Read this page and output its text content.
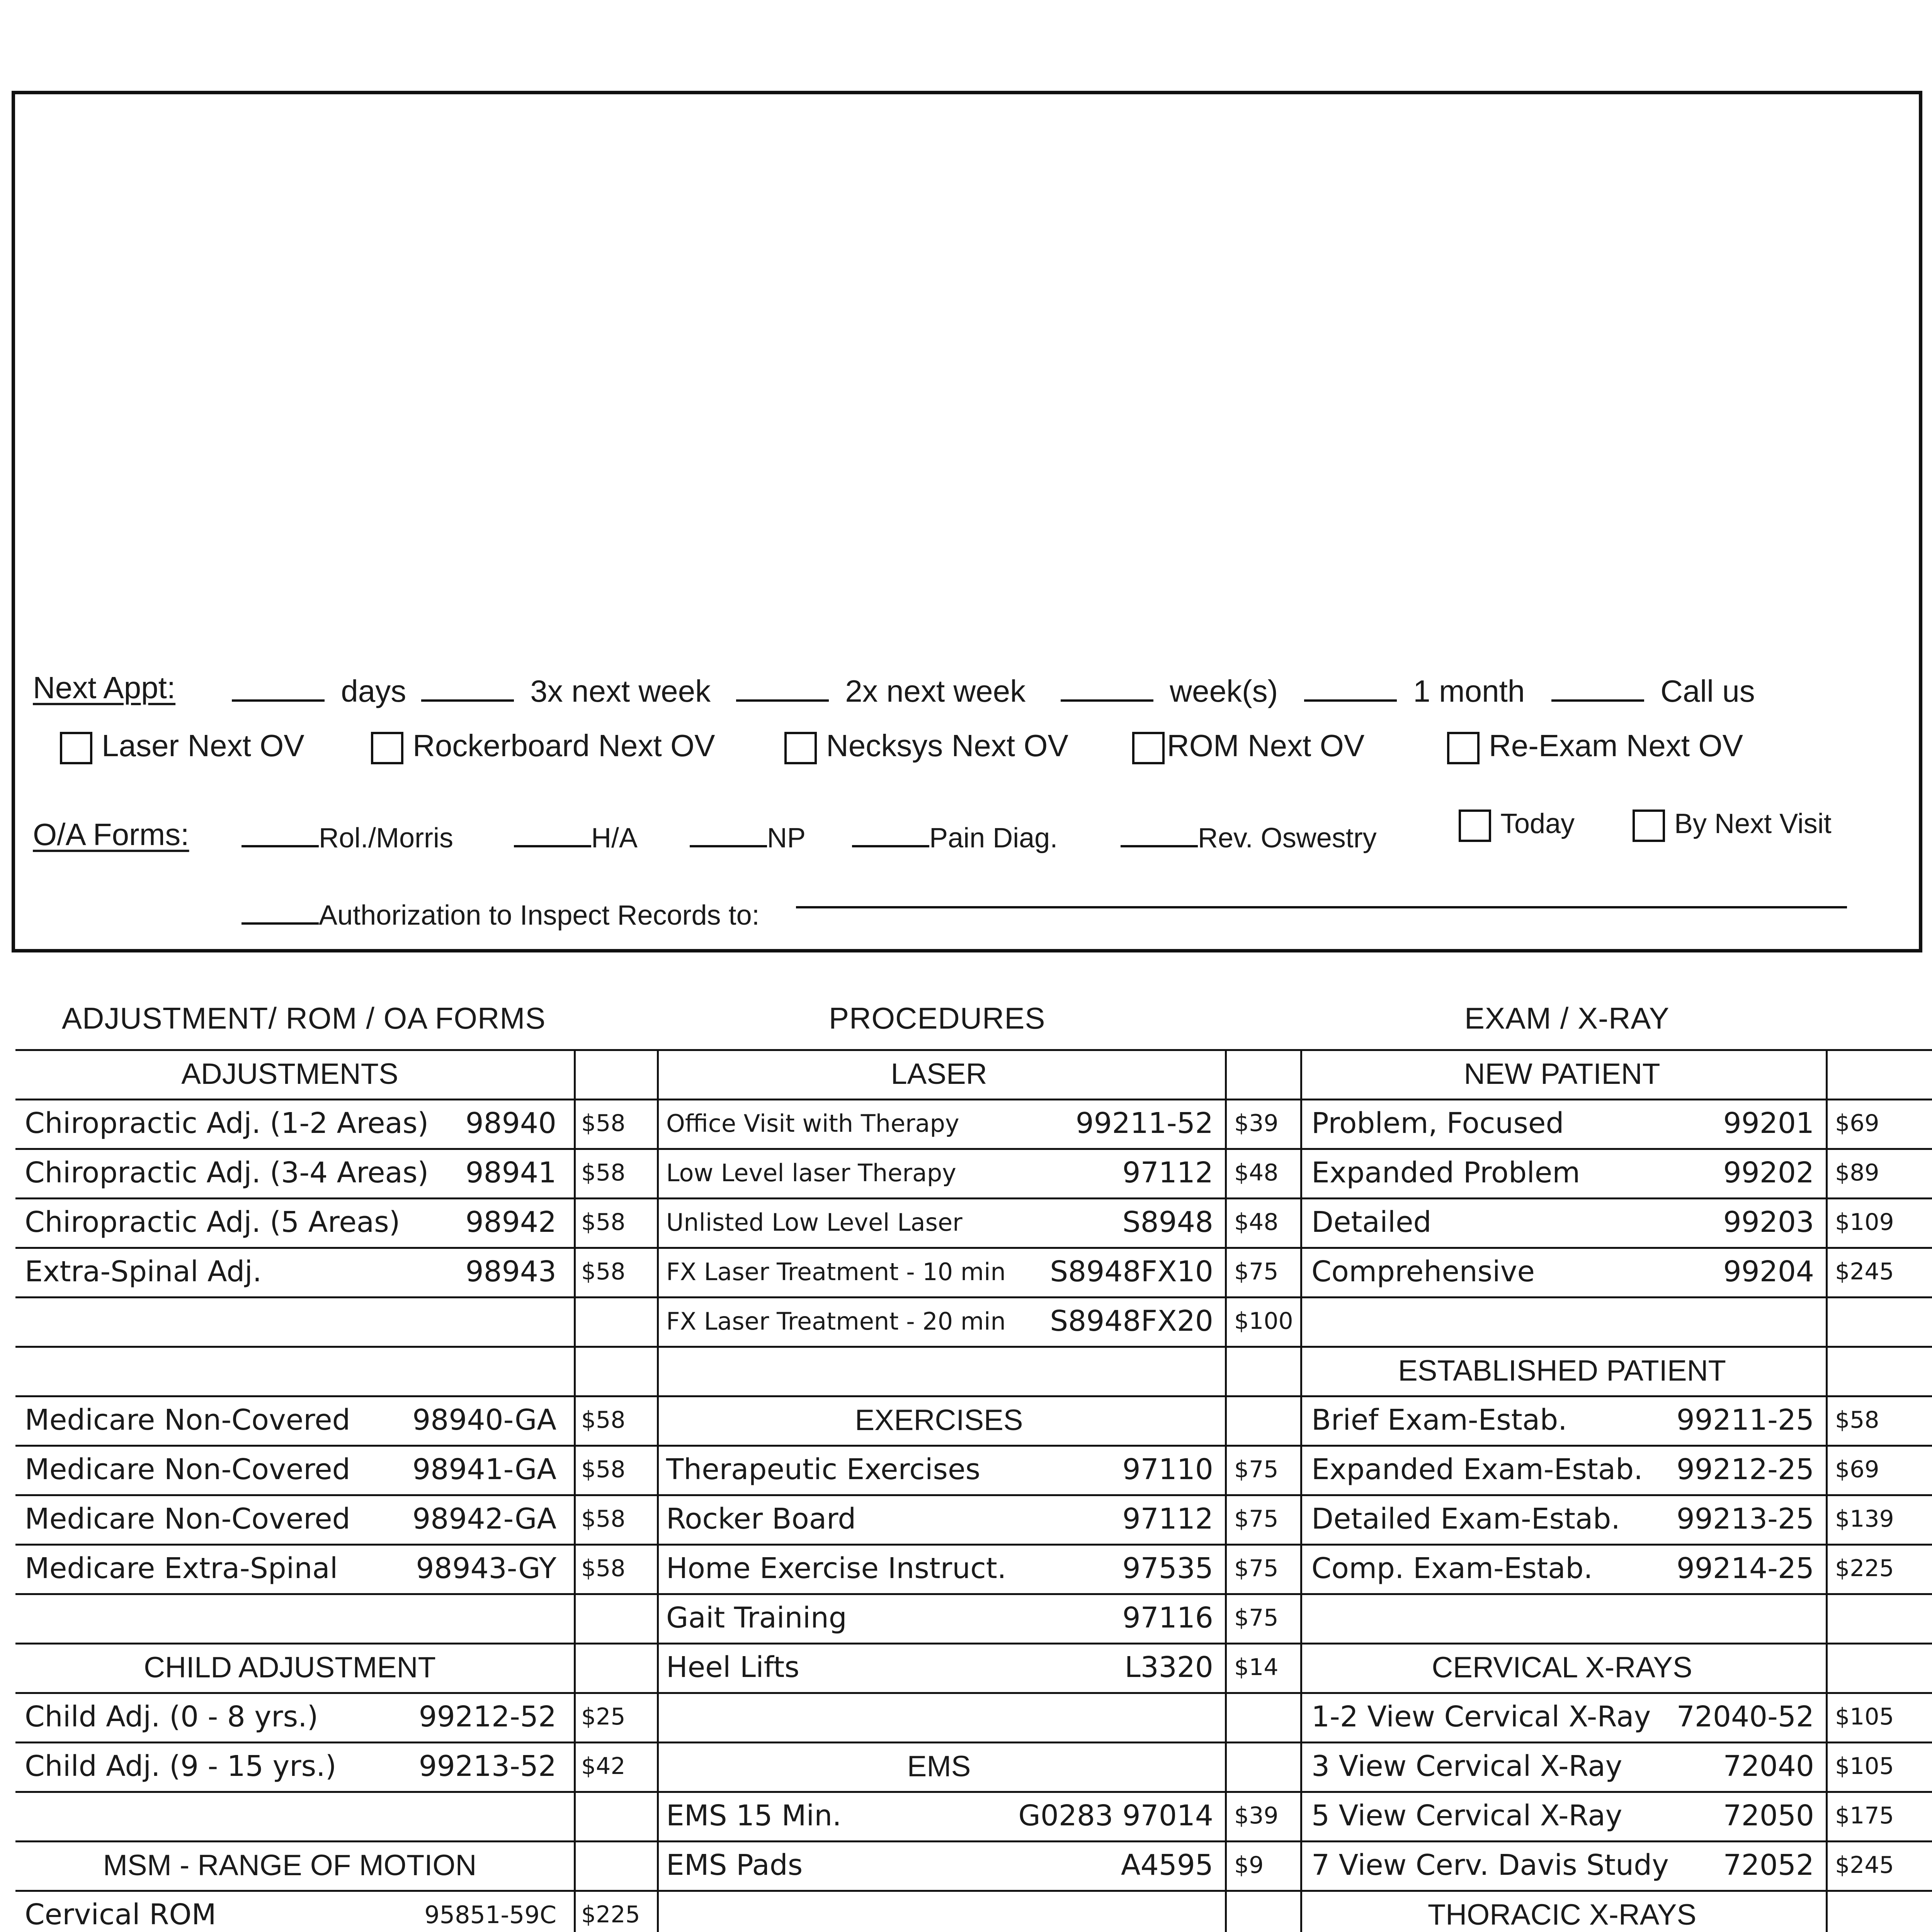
Next Appt:	days	3x next week	2x next week	week(s)	1 month	Call us
Laser Next OV	Rockerboard Next OV	Necksys Next OV	ROM Next OV	Re-Exam Next OV
O/A Forms:	Rol./Morris	H/A	NP	Pain Diag.	Rev. Oswestry	Today	By Next Visit
Authorization to Inspect Records to:
ADJUSTMENT/ ROM / OA FORMS	PROCEDURES	EXAM / X-RAY
ADJUSTMENTS
Chiropractic Adj. (1-2 Areas)	98940 $58
Chiropractic Adj. (3-4 Areas)	98941 $58
Chiropractic Adj. (5 Areas)	98942 $58
Extra-Spinal Adj.	98943 $58
Medicare Non-Covered	98940-GA $58
Medicare Non-Covered	98941-GA $58
Medicare Non-Covered	98942-GA $58
Medicare Extra-Spinal	98943-GY $58
CHILD ADJUSTMENT
Child Adj. (0 - 8 yrs.)	99212-52 $25
Child Adj. (9 - 15 yrs.)	99213-52 $42
MSM - RANGE OF MOTION
Cervical ROM	95851-59C $225
LASER
Office Visit with Therapy	99211-52 $39
Low Level laser Therapy	97112 $48
Unlisted Low Level Laser	S8948 $48
FX Laser Treatment - 10 min	S8948FX10 $75
FX Laser Treatment - 20 min	S8948FX20 $100
EXERCISES
Therapeutic Exercises	97110 $75
Rocker Board	97112 $75
Home Exercise Instruct.	97535 $75
Gait Training	97116 $75
Heel Lifts	L3320 $14
EMS
EMS 15 Min.	G0283 97014 $39
EMS Pads	A4595 $9
NEW PATIENT
Problem, Focused	99201 $69
Expanded Problem	99202 $89
Detailed	99203 $109
Comprehensive	99204 $245
ESTABLISHED PATIENT
Brief Exam-Estab.	99211-25 $58
Expanded Exam-Estab.	99212-25 $69
Detailed Exam-Estab.	99213-25 $139
Comp. Exam-Estab.	99214-25 $225
CERVICAL X-RAYS
1-2 View Cervical X-Ray 72040-52 $105
3 View Cervical X-Ray	72040 $105
5 View Cervical X-Ray	72050 $175
7 View Cerv. Davis Study	72052 $245
THORACIC X-RAYS
